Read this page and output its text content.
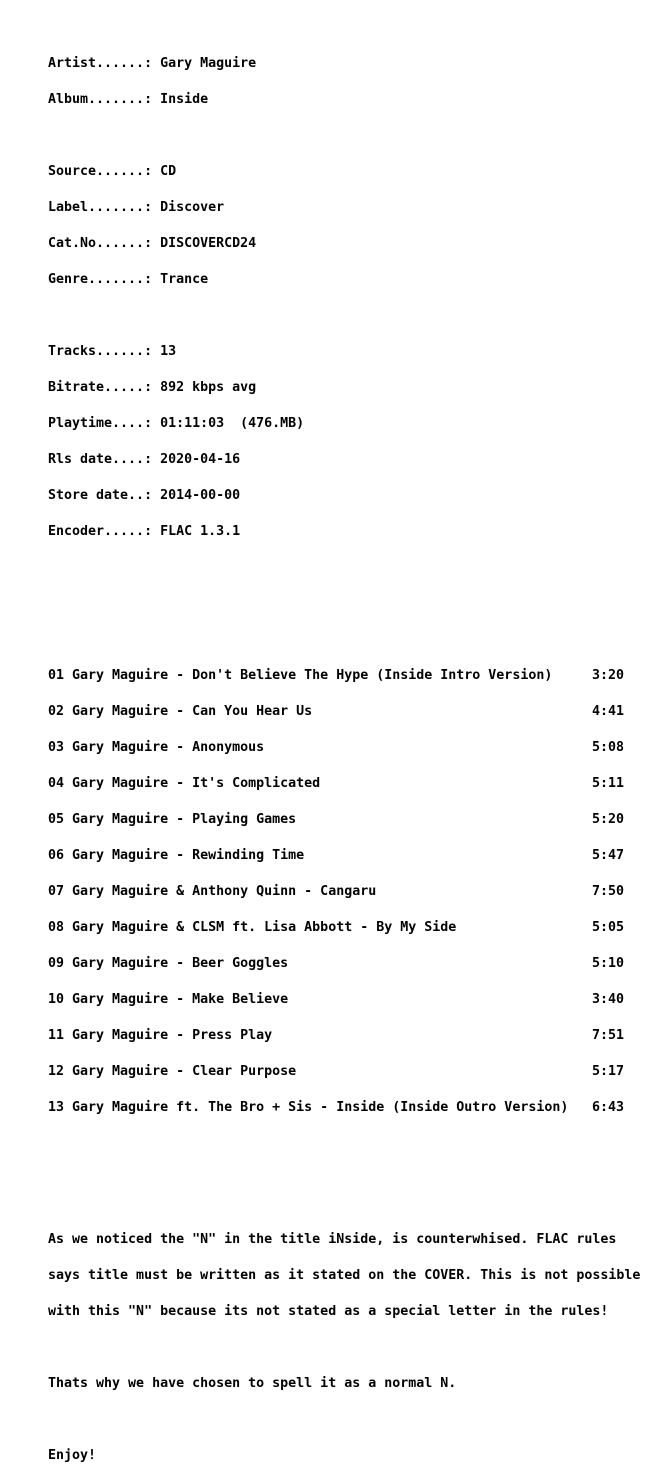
Artist......: Gary Maguire

Album.......: Inside

Source......: CD

Label.......: Discover

Cat.No......: DISCOVERCD24

Genre.......: Trance

Tracks......: 13

Bitrate.....: 892 kbps avg

Playtime....: 01:11:03  (476.MB)

Rls date....: 2020-04-16

Store date..: 2014-00-00

Encoder.....: FLAC 1.3.1

01 Gary Maguire - Don't Believe The Hype (Inside Intro Version)	3:20

02 Gary Maguire - Can You Hear Us	4:41

03 Gary Maguire - Anonymous	5:08

04 Gary Maguire - It's Complicated	5:11

05 Gary Maguire - Playing Games	5:20

06 Gary Maguire - Rewinding Time	5:47

07 Gary Maguire & Anthony Quinn - Cangaru	7:50

08 Gary Maguire & CLSM ft. Lisa Abbott - By My Side	5:05

09 Gary Maguire - Beer Goggles	5:10

10 Gary Maguire - Make Believe	3:40

11 Gary Maguire - Press Play	7:51

12 Gary Maguire - Clear Purpose	5:17

13 Gary Maguire ft. The Bro + Sis - Inside (Inside Outro Version) 6:43

As we noticed the "N" in the title iNside, is counterwhised. FLAC rules

says title must be written as it stated on the COVER. This is not possible

with this "N" because its not stated as a special letter in the rules!

Thats why we have chosen to spell it as a normal N.

Enjoy!
